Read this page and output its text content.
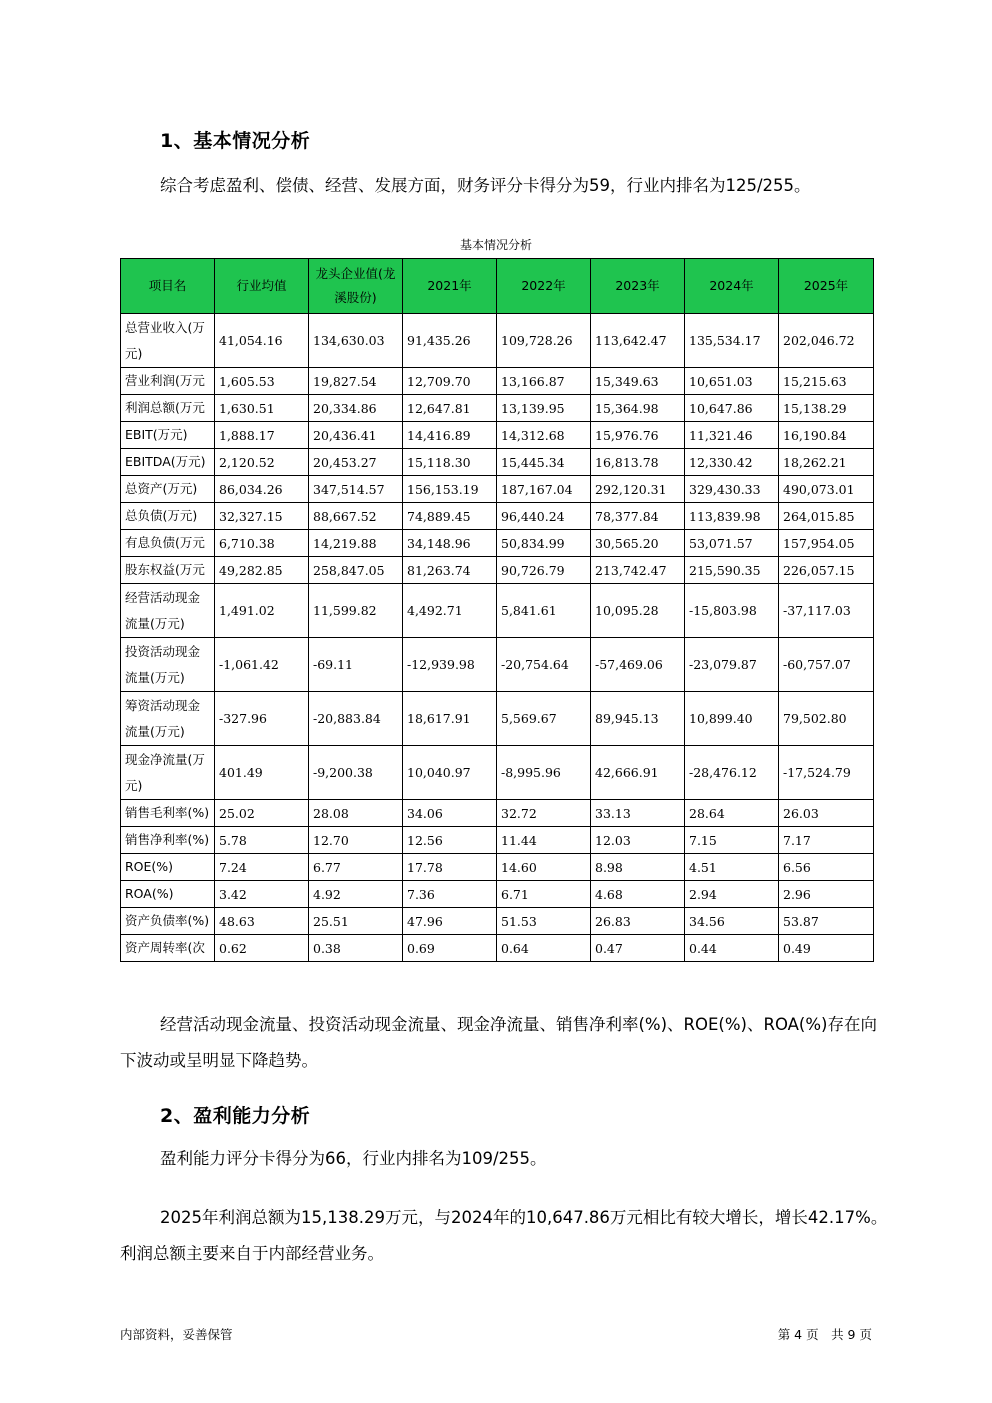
1、基本情况分析
综合考虑盈利、偿债、经营、发展方面，财务评分卡得分为59，行业内排名为125/255。
基本情况分析
项目名	行业均值	龙头企业值(龙溪股份)	2021年	2022年	2023年	2024年	2025年
总营业收入(万元)	41,054.16	134,630.03	91,435.26	109,728.26	113,642.47	135,534.17	202,046.72
营业利润(万元	1,605.53	19,827.54	12,709.70	13,166.87	15,349.63	10,651.03	15,215.63
利润总额(万元	1,630.51	20,334.86	12,647.81	13,139.95	15,364.98	10,647.86	15,138.29
EBIT(万元)	1,888.17	20,436.41	14,416.89	14,312.68	15,976.76	11,321.46	16,190.84
EBITDA(万元)	2,120.52	20,453.27	15,118.30	15,445.34	16,813.78	12,330.42	18,262.21
总资产(万元)	86,034.26	347,514.57	156,153.19	187,167.04	292,120.31	329,430.33	490,073.01
总负债(万元)	32,327.15	88,667.52	74,889.45	96,440.24	78,377.84	113,839.98	264,015.85
有息负债(万元	6,710.38	14,219.88	34,148.96	50,834.99	30,565.20	53,071.57	157,954.05
股东权益(万元	49,282.85	258,847.05	81,263.74	90,726.79	213,742.47	215,590.35	226,057.15
经营活动现金流量(万元)	1,491.02	11,599.82	4,492.71	5,841.61	10,095.28	-15,803.98	-37,117.03
投资活动现金流量(万元)	-1,061.42	-69.11	-12,939.98	-20,754.64	-57,469.06	-23,079.87	-60,757.07
筹资活动现金流量(万元)	-327.96	-20,883.84	18,617.91	5,569.67	89,945.13	10,899.40	79,502.80
现金净流量(万元)	401.49	-9,200.38	10,040.97	-8,995.96	42,666.91	-28,476.12	-17,524.79
销售毛利率(%)	25.02	28.08	34.06	32.72	33.13	28.64	26.03
销售净利率(%)	5.78	12.70	12.56	11.44	12.03	7.15	7.17
ROE(%)	7.24	6.77	17.78	14.60	8.98	4.51	6.56
ROA(%)	3.42	4.92	7.36	6.71	4.68	2.94	2.96
资产负债率(%)	48.63	25.51	47.96	51.53	26.83	34.56	53.87
资产周转率(次	0.62	0.38	0.69	0.64	0.47	0.44	0.49
经营活动现金流量、投资活动现金流量、现金净流量、销售净利率(%)、ROE(%)、ROA(%)存在向下波动或呈明显下降趋势。
2、盈利能力分析
盈利能力评分卡得分为66，行业内排名为109/255。
2025年利润总额为15,138.29万元，与2024年的10,647.86万元相比有较大增长，增长42.17%。利润总额主要来自于内部经营业务。
内部资料，妥善保管	第 4 页　共 9 页
